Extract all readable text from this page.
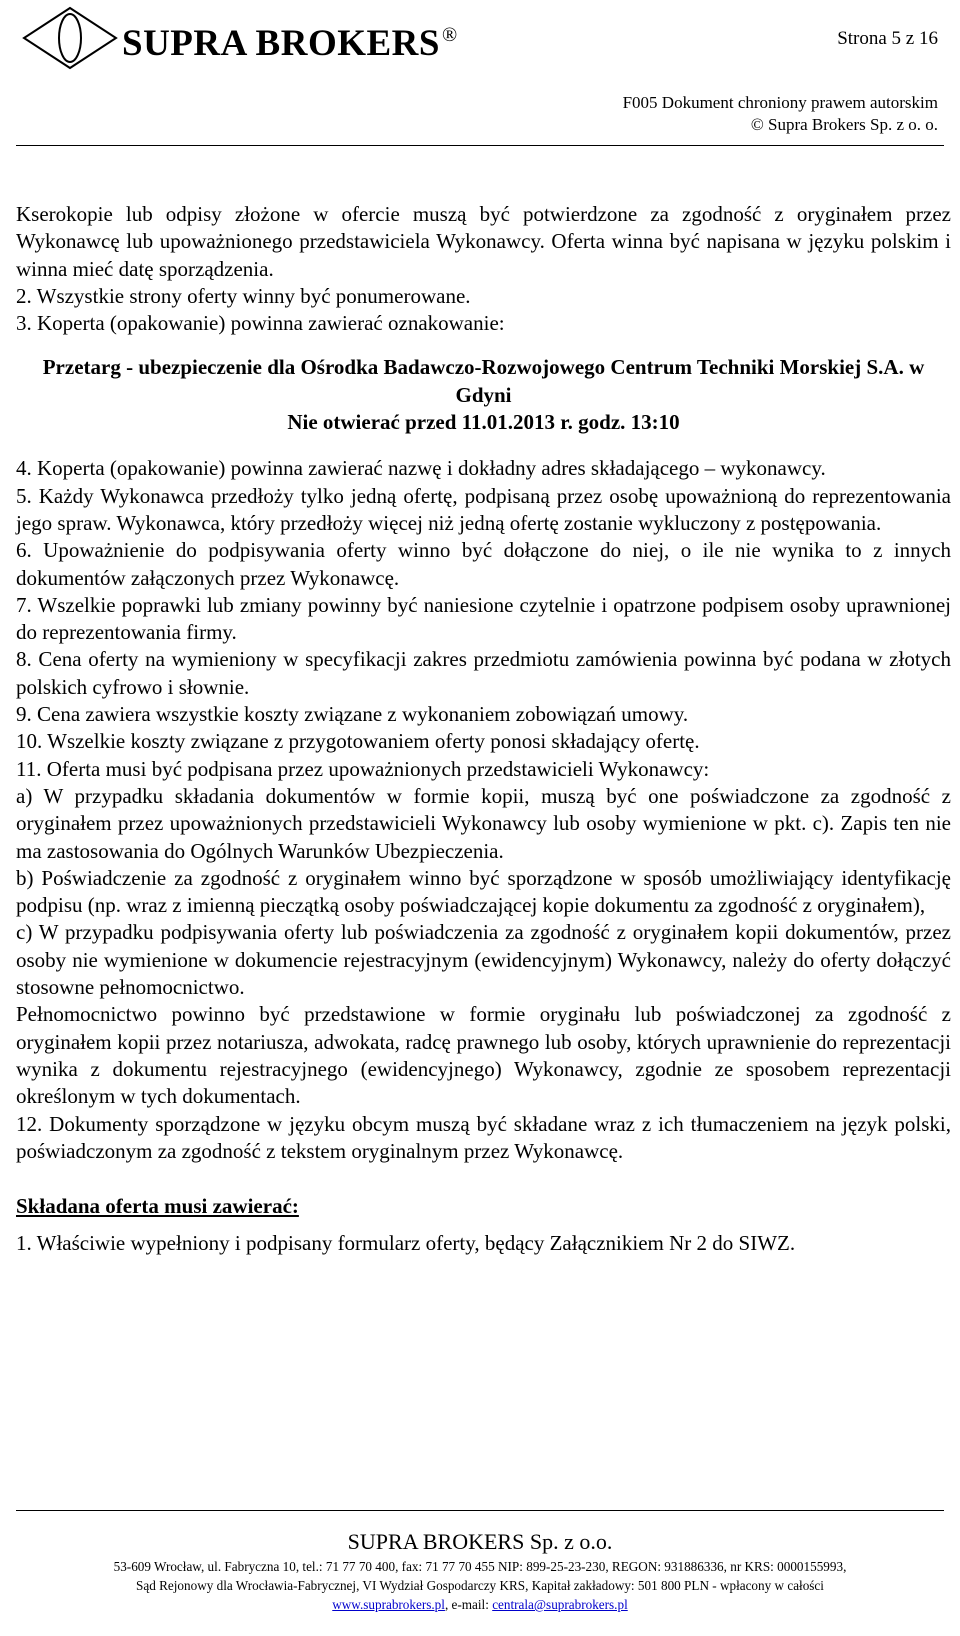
SUPRA BROKERS ®	Strona 5 z 16
F005 Dokument chroniony prawem autorskim
© Supra Brokers Sp. z o. o.

Kserokopie lub odpisy złożone w ofercie muszą być potwierdzone za zgodność z oryginałem przez Wykonawcę lub upoważnionego przedstawiciela Wykonawcy. Oferta winna być napisana w języku polskim i winna mieć datę sporządzenia.

2. Wszystkie strony oferty winny być ponumerowane.

3. Koperta (opakowanie) powinna zawierać oznakowanie:

Przetarg - ubezpieczenie dla Ośrodka Badawczo-Rozwojowego Centrum Techniki Morskiej S.A. w Gdyni
Nie otwierać przed 11.01.2013 r. godz. 13:10

4. Koperta (opakowanie) powinna zawierać nazwę i dokładny adres składającego – wykonawcy.

5. Każdy Wykonawca przedłoży tylko jedną ofertę, podpisaną przez osobę upoważnioną do reprezentowania jego spraw. Wykonawca, który przedłoży więcej niż jedną ofertę zostanie wykluczony z postępowania.

6. Upoważnienie do podpisywania oferty winno być dołączone do niej, o ile nie wynika to z innych dokumentów załączonych przez Wykonawcę.

7. Wszelkie poprawki lub zmiany powinny być naniesione czytelnie i opatrzone podpisem osoby uprawnionej do reprezentowania firmy.

8. Cena oferty na wymieniony w specyfikacji zakres przedmiotu zamówienia powinna być podana w złotych polskich cyfrowo i słownie.

9. Cena zawiera wszystkie koszty związane z wykonaniem zobowiązań umowy.

10. Wszelkie koszty związane z przygotowaniem oferty ponosi składający ofertę.

11. Oferta musi być podpisana przez upoważnionych przedstawicieli Wykonawcy:

a) W przypadku składania dokumentów w formie kopii, muszą być one poświadczone za zgodność z oryginałem przez upoważnionych przedstawicieli Wykonawcy lub osoby wymienione w pkt. c). Zapis ten nie ma zastosowania do Ogólnych Warunków Ubezpieczenia.

b) Poświadczenie za zgodność z oryginałem winno być sporządzone w sposób umożliwiający identyfikację podpisu (np. wraz z imienną pieczątką osoby poświadczającej kopie dokumentu za zgodność z oryginałem),

c) W przypadku podpisywania oferty lub poświadczenia za zgodność z oryginałem kopii dokumentów, przez osoby nie wymienione w dokumencie rejestracyjnym (ewidencyjnym) Wykonawcy, należy do oferty dołączyć stosowne pełnomocnictwo.

Pełnomocnictwo powinno być przedstawione w formie oryginału lub poświadczonej za zgodność z oryginałem kopii przez notariusza, adwokata, radcę prawnego lub osoby, których uprawnienie do reprezentacji wynika z dokumentu rejestracyjnego (ewidencyjnego) Wykonawcy, zgodnie ze sposobem reprezentacji określonym w tych dokumentach.

12. Dokumenty sporządzone w języku obcym muszą być składane wraz z ich tłumaczeniem na język polski, poświadczonym za zgodność z tekstem oryginalnym przez Wykonawcę.

Składana oferta musi zawierać:

1. Właściwie wypełniony i podpisany formularz oferty, będący Załącznikiem Nr 2 do SIWZ.

SUPRA BROKERS Sp. z o.o.
53-609 Wrocław, ul. Fabryczna 10, tel.: 71 77 70 400, fax: 71 77 70 455 NIP: 899-25-23-230, REGON: 931886336, nr KRS: 0000155993,
Sąd Rejonowy dla Wrocławia-Fabrycznej, VI Wydział Gospodarczy KRS, Kapitał zakładowy: 501 800 PLN - wpłacony w całości
www.suprabrokers.pl, e-mail: centrala@suprabrokers.pl
